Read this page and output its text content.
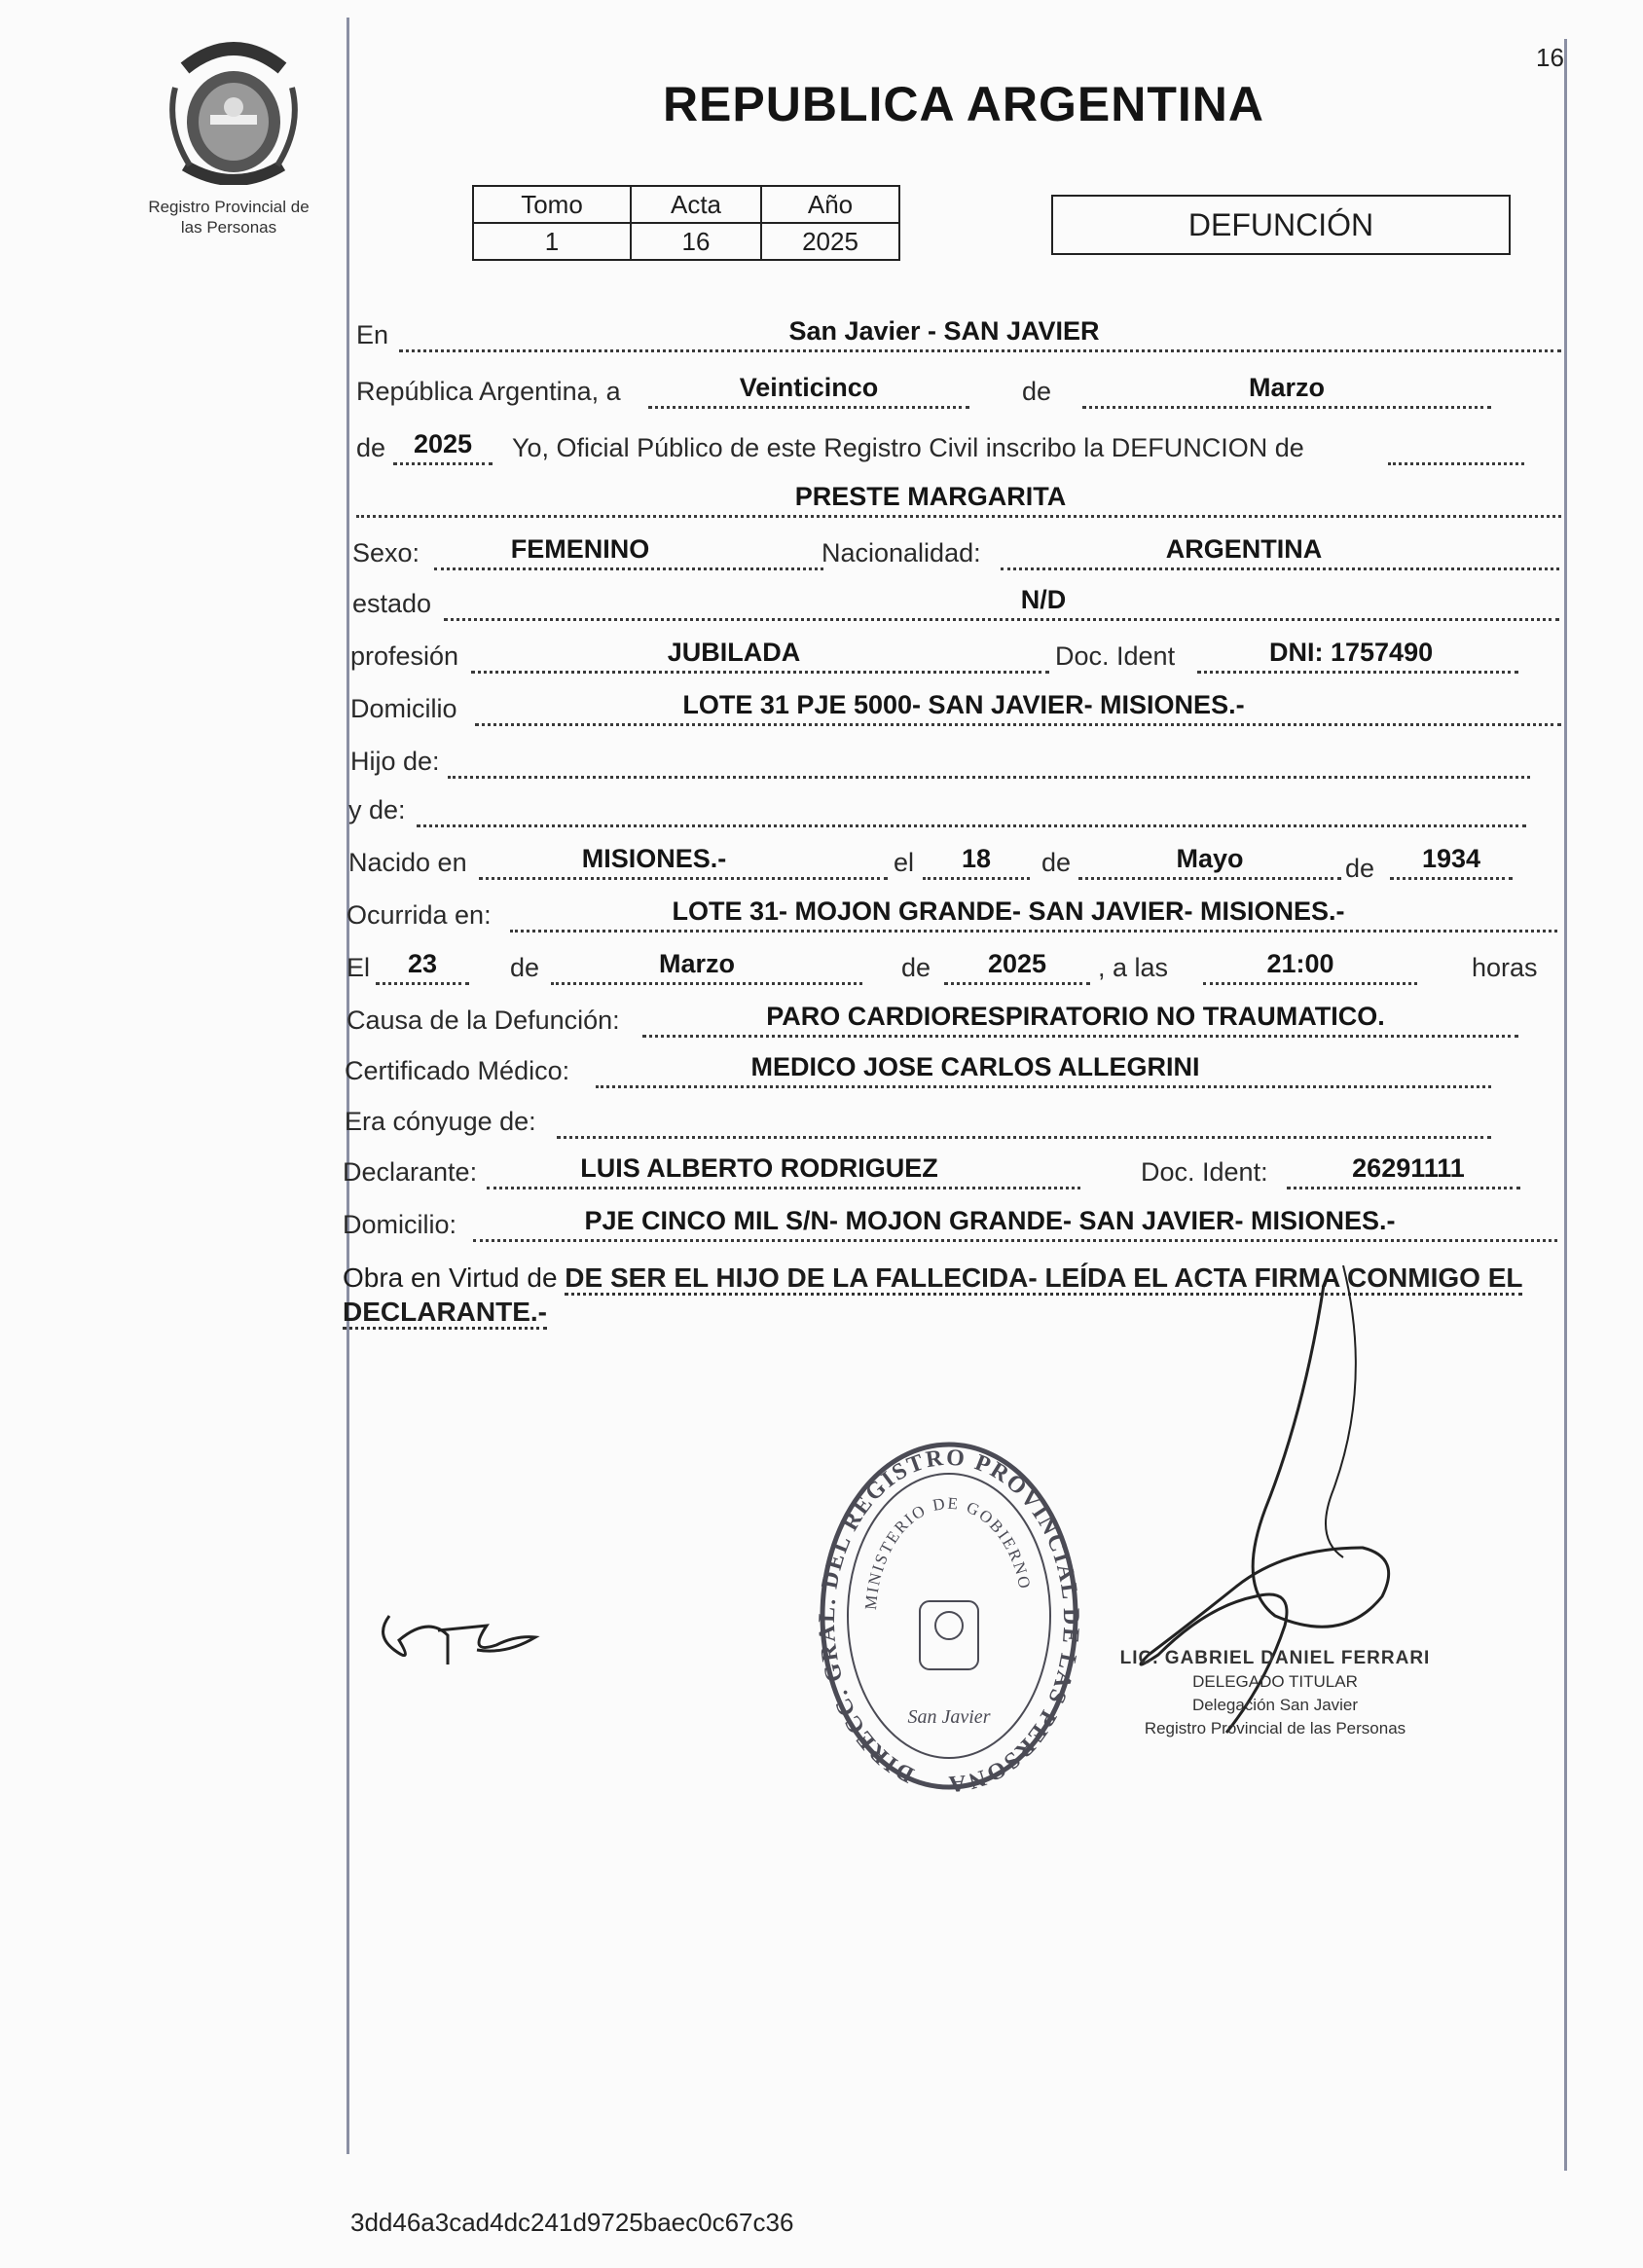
16
Registro Provincial de
las Personas
REPUBLICA ARGENTINA
Tomo	Acta	Año
1	16	2025	DEFUNCIÓN
En	San Javier - SAN JAVIER
República Argentina, a	Veinticinco	de	Marzo
de	2025	Yo, Oficial Público de este Registro Civil inscribo la DEFUNCION de
PRESTE MARGARITA
Sexo:	FEMENINO	Nacionalidad:	ARGENTINA
estado	N/D
profesión	JUBILADA	Doc. Ident	DNI: 1757490
Domicilio	LOTE 31 PJE 5000- SAN JAVIER- MISIONES.-
Hijo de:
y de:
Nacido en	MISIONES.-	el	18	de	Mayo	de	1934
Ocurrida en:	LOTE 31- MOJON GRANDE- SAN JAVIER- MISIONES.-
El	23	de	Marzo	de	2025	, a las	21:00	horas
Causa de la Defunción:	PARO CARDIORESPIRATORIO NO TRAUMATICO.
Certificado Médico:	MEDICO JOSE CARLOS ALLEGRINI
Era cónyuge de:
Declarante:	LUIS ALBERTO RODRIGUEZ	Doc. Ident:	26291111
Domicilio:	PJE CINCO MIL S/N- MOJON GRANDE- SAN JAVIER- MISIONES.-
Obra en Virtud de DE SER EL HIJO DE LA FALLECIDA- LEÍDA EL ACTA FIRMA CONMIGO EL DECLARANTE.-
DIRECC. GR . DEL REGISTRO PROVINCIAL LAS PERSONA
MINISTERIO DE GOBIERNO
San Javier
LIC. GABRIEL DANIEL FERRARI
DELEGADO TITULAR
Delegación San Javier
Registro Provincial de las Personas
3dd46a3cad4dc241d9725baec0c67c36
